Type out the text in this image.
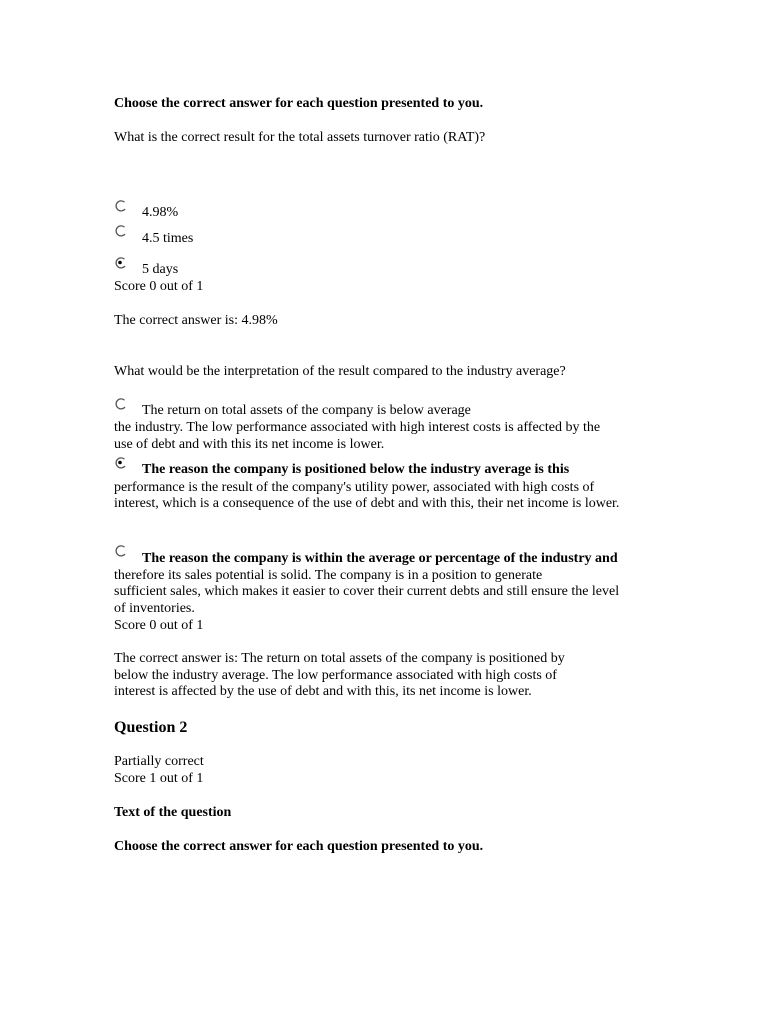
Choose the correct answer for each question presented to you.
What is the correct result for the total assets turnover ratio (RAT)?
4.98%
4.5 times
5 days
Score 0 out of 1
The correct answer is: 4.98%
What would be the interpretation of the result compared to the industry average?
The return on total assets of the company is below average
the industry. The low performance associated with high interest costs is affected by the
use of debt and with this its net income is lower.
The reason the company is positioned below the industry average is this
performance is the result of the company's utility power, associated with high costs of
interest, which is a consequence of the use of debt and with this, their net income is lower.
The reason the company is within the average or percentage of the industry and
therefore its sales potential is solid. The company is in a position to generate
sufficient sales, which makes it easier to cover their current debts and still ensure the level
of inventories.
Score 0 out of 1
The correct answer is: The return on total assets of the company is positioned by
below the industry average. The low performance associated with high costs of
interest is affected by the use of debt and with this, its net income is lower.
Question 2
Partially correct
Score 1 out of 1
Text of the question
Choose the correct answer for each question presented to you.
